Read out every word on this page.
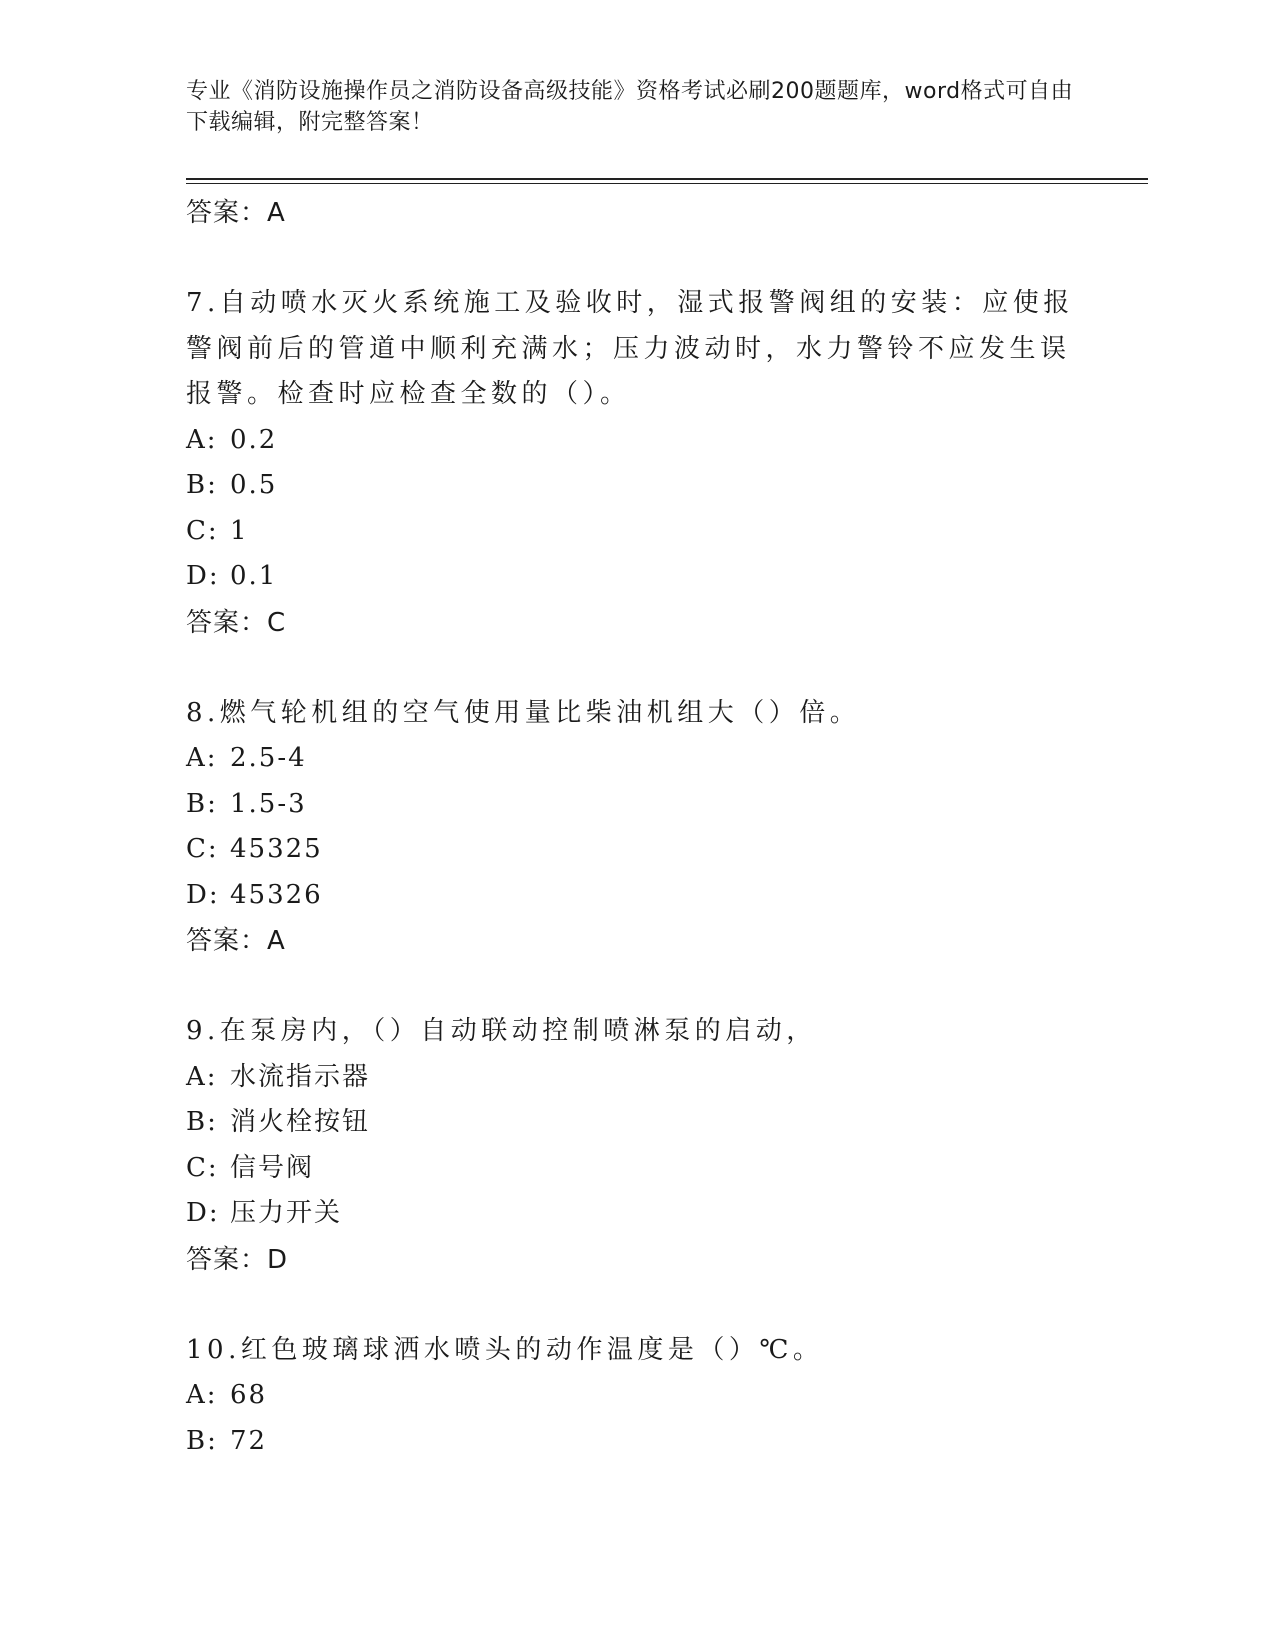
专业《消防设施操作员之消防设备高级技能》资格考试必刷200题题库，word格式可自由下载编辑，附完整答案！
答案：A
7.自动喷水灭火系统施工及验收时，湿式报警阀组的安装：应使报警阀前后的管道中顺利充满水；压力波动时，水力警铃不应发生误报警。检查时应检查全数的（）。
A: 0.2
B: 0.5
C: 1
D: 0.1
答案：C
8.燃气轮机组的空气使用量比柴油机组大（）倍。
A: 2.5-4
B: 1.5-3
C: 45325
D: 45326
答案：A
9.在泵房内，（）自动联动控制喷淋泵的启动，
A: 水流指示器
B: 消火栓按钮
C: 信号阀
D: 压力开关
答案：D
10.红色玻璃球洒水喷头的动作温度是（）℃。
A: 68
B: 72
